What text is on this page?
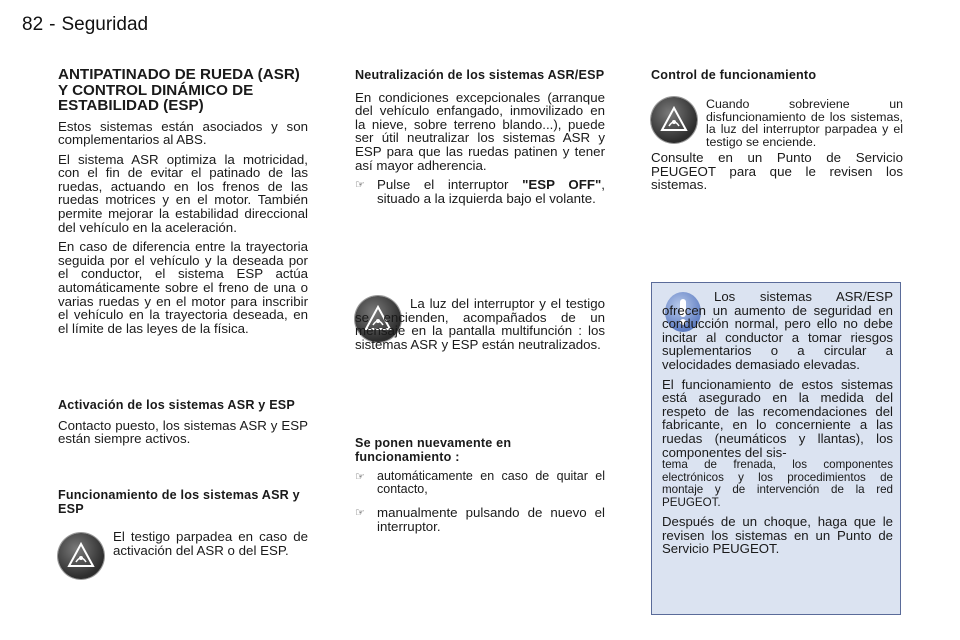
82 - Seguridad

ANTIPATINADO DE RUEDA (ASR) Y CONTROL DINÁMICO DE ESTABILIDAD (ESP)

Estos sistemas están asociados y son complementarios al ABS.

El sistema ASR optimiza la motricidad, con el fin de evitar el patinado de las ruedas, actuando en los frenos de las ruedas motrices y en el motor. También permite mejorar la estabilidad direccional del vehículo en la aceleración.

En caso de diferencia entre la trayectoria seguida por el vehículo y la deseada por el conductor, el sistema ESP actúa automáticamente sobre el freno de una o varias ruedas y en el motor para inscribir el vehículo en la trayectoria deseada, en el límite de las leyes de la física.

Activación de los sistemas ASR y ESP

Contacto puesto, los sistemas ASR y ESP están siempre activos.

Funcionamiento de los sistemas ASR y ESP

El testigo parpadea en caso de activación del ASR o del ESP.

Neutralización de los sistemas ASR/ESP

En condiciones excepcionales (arranque del vehículo enfangado, inmovilizado en la nieve, sobre terreno blando...), puede ser útil neutralizar los sistemas ASR y ESP para que las ruedas patinen y tener así mayor adherencia.

☞ Pulse el interruptor "ESP OFF", situado a la izquierda bajo el volante.

La luz del interruptor y el testigo se encienden, acompañados de un mensaje en la pantalla multifunción : los sistemas ASR y ESP están neutralizados.

Se ponen nuevamente en funcionamiento :

☞ automáticamente en caso de quitar el contacto,
☞ manualmente pulsando de nuevo el interruptor.

Control de funcionamiento

Cuando sobreviene un disfuncionamiento de los sistemas, la luz del interruptor parpadea y el testigo se enciende.

Consulte en un Punto de Servicio PEUGEOT para que le revisen los sistemas.

Los sistemas ASR/ESP ofrecen un aumento de seguridad en conducción normal, pero ello no debe incitar al conductor a tomar riesgos suplementarios o a circular a velocidades demasiado elevadas.

El funcionamiento de estos sistemas está asegurado en la medida del respeto de las recomendaciones del fabricante, en lo concerniente a las ruedas (neumáticos y llantas), los componentes del sis-

tema de frenada, los componentes electrónicos y los procedimientos de montaje y de intervención de la red PEUGEOT.

Después de un choque, haga que le revisen los sistemas en un Punto de Servicio PEUGEOT.
